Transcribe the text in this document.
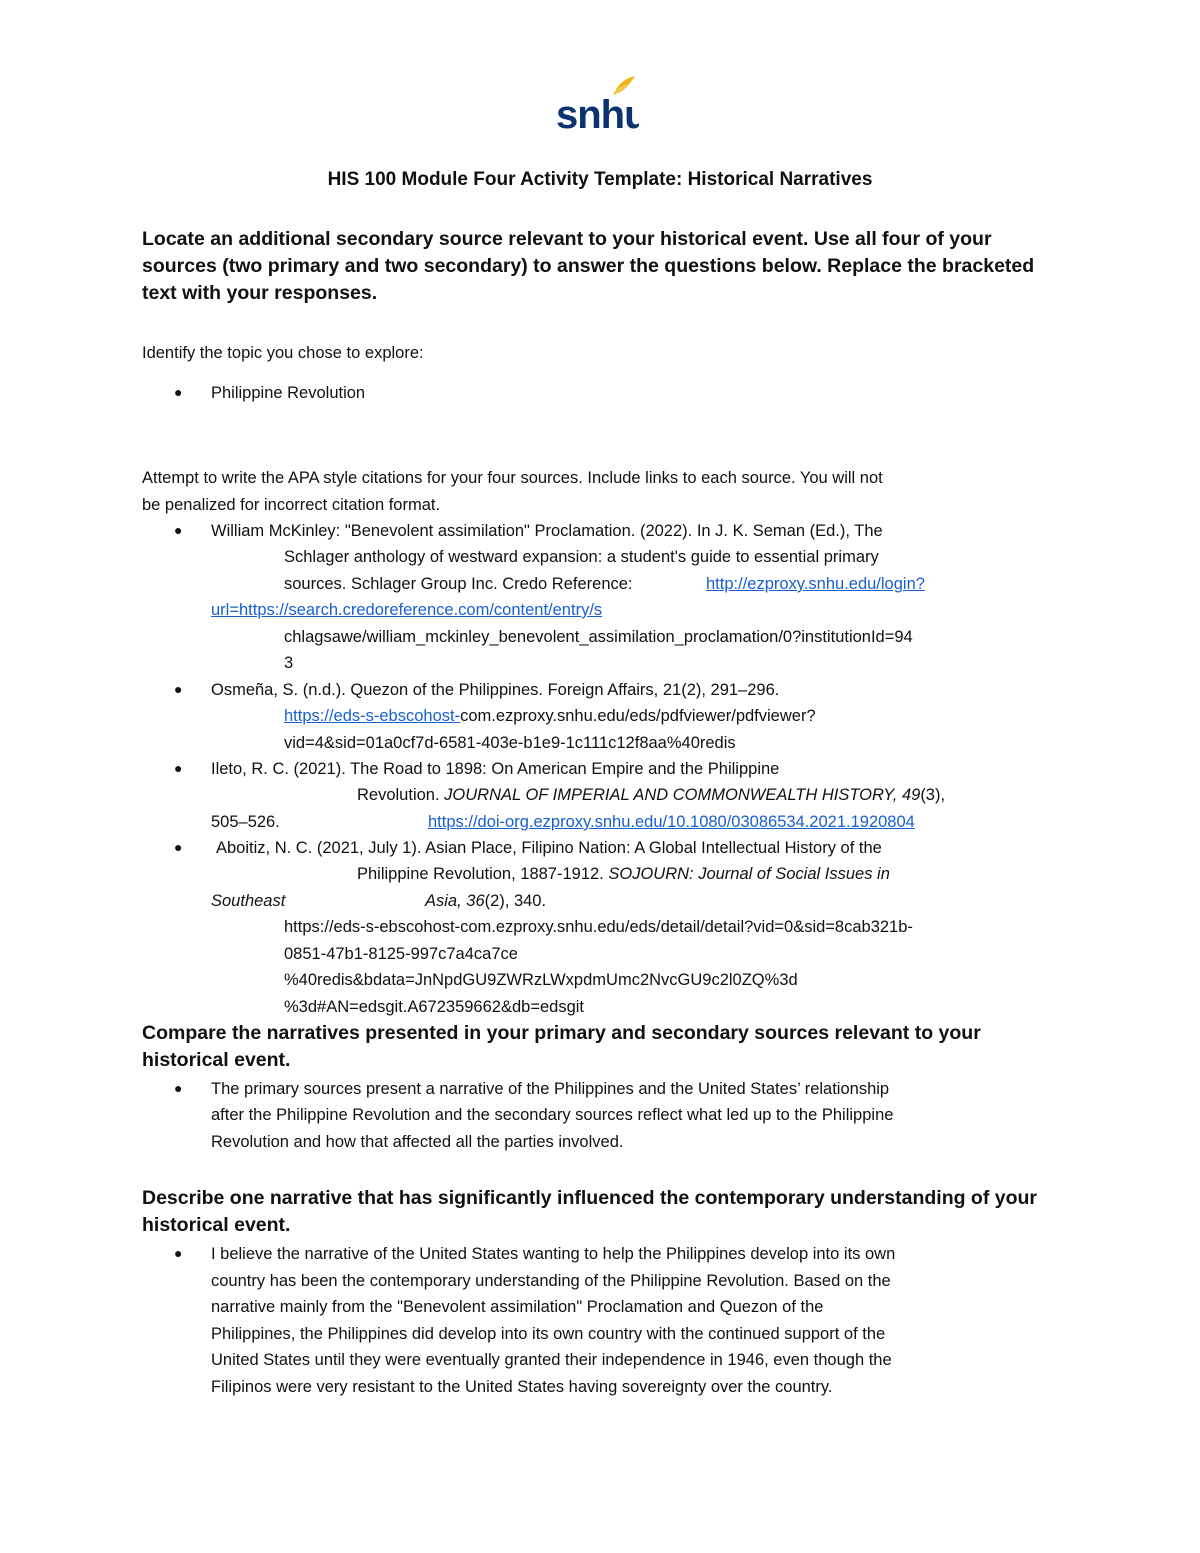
snhu
HIS 100 Module Four Activity Template: Historical Narratives
Locate an additional secondary source relevant to your historical event. Use all four of your
sources (two primary and two secondary) to answer the questions below. Replace the bracketed
text with your responses.
Identify the topic you chose to explore:
● Philippine Revolution
Attempt to write the APA style citations for your four sources. Include links to each source. You will not
be penalized for incorrect citation format.
● William McKinley: "Benevolent assimilation" Proclamation. (2022). In J. K. Seman (Ed.), The
Schlager anthology of westward expansion: a student's guide to essential primary
sources. Schlager Group Inc. Credo Reference:	http://ezproxy.snhu.edu/login?
url=https://search.credoreference.com/content/entry/s
chlagsawe/william_mckinley_benevolent_assimilation_proclamation/0?institutionId=94
3
● Osmeña, S. (n.d.). Quezon of the Philippines. Foreign Affairs, 21(2), 291–296.
https://eds-s-ebscohost-com.ezproxy.snhu.edu/eds/pdfviewer/pdfviewer?
vid=4&sid=01a0cf7d-6581-403e-b1e9-1c111c12f8aa%40redis
● Ileto, R. C. (2021). The Road to 1898: On American Empire and the Philippine
Revolution. JOURNAL OF IMPERIAL AND COMMONWEALTH HISTORY, 49(3),
505–526.	https://doi-org.ezproxy.snhu.edu/10.1080/03086534.2021.1920804
● Aboitiz, N. C. (2021, July 1). Asian Place, Filipino Nation: A Global Intellectual History of the
Philippine Revolution, 1887-1912. SOJOURN: Journal of Social Issues in
Southeast	Asia, 36(2), 340.
https://eds-s-ebscohost-com.ezproxy.snhu.edu/eds/detail/detail?vid=0&sid=8cab321b-
0851-47b1-8125-997c7a4ca7ce
%40redis&bdata=JnNpdGU9ZWRzLWxpdmUmc2NvcGU9c2l0ZQ%3d
%3d#AN=edsgit.A672359662&db=edsgit
Compare the narratives presented in your primary and secondary sources relevant to your historical event.
● The primary sources present a narrative of the Philippines and the United States’ relationship
after the Philippine Revolution and the secondary sources reflect what led up to the Philippine
Revolution and how that affected all the parties involved.
Describe one narrative that has significantly influenced the contemporary understanding of your historical event.
● I believe the narrative of the United States wanting to help the Philippines develop into its own
country has been the contemporary understanding of the Philippine Revolution. Based on the
narrative mainly from the "Benevolent assimilation" Proclamation and Quezon of the
Philippines, the Philippines did develop into its own country with the continued support of the
United States until they were eventually granted their independence in 1946, even though the
Filipinos were very resistant to the United States having sovereignty over the country.
